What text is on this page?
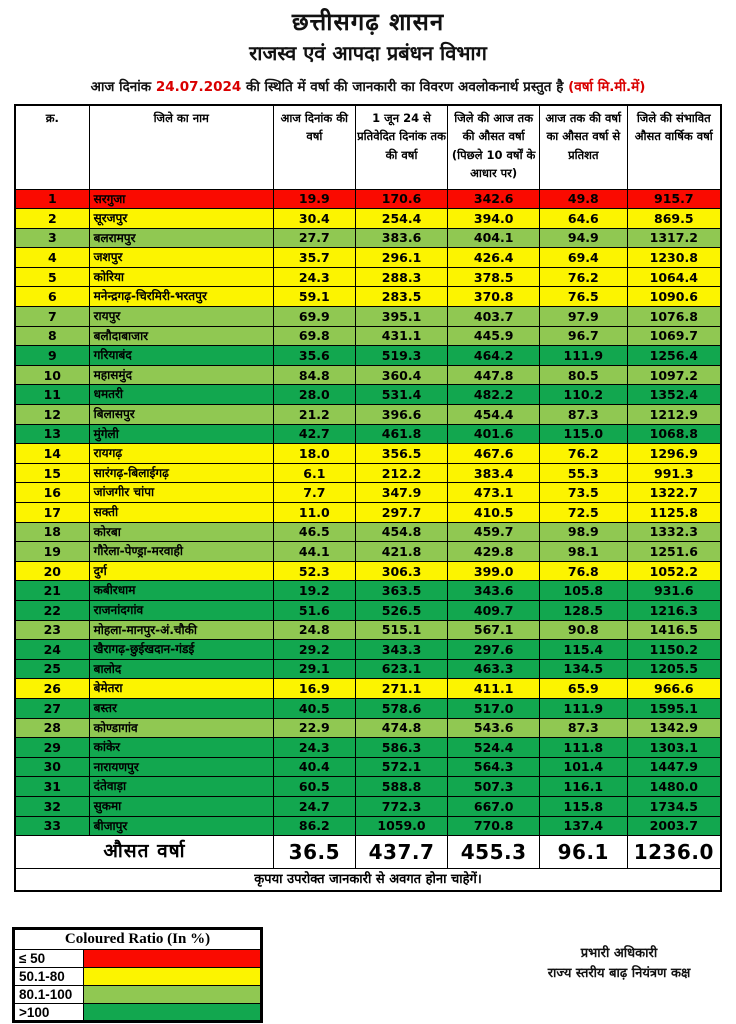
छत्तीसगढ़ शासन
राजस्व एवं आपदा प्रबंधन विभाग
आज दिनांक 24.07.2024 की स्थिति में वर्षा की जानकारी का विवरण अवलोकनार्थ प्रस्तुत है (वर्षा मि.मी.में)
क्र.	जिले का नाम	आज दिनांक की वर्षा	1 जून 24 से प्रतिवेदित दिनांक तक की वर्षा	जिले की आज तक की औसत वर्षा (पिछले 10 वर्षों के आधार पर)	आज तक की वर्षा का औसत वर्षा से प्रतिशत	जिले की संभावित औसत वार्षिक वर्षा
1	सरगुजा	19.9	170.6	342.6	49.8	915.7
2	सूरजपुर	30.4	254.4	394.0	64.6	869.5
3	बलरामपुर	27.7	383.6	404.1	94.9	1317.2
4	जशपुर	35.7	296.1	426.4	69.4	1230.8
5	कोरिया	24.3	288.3	378.5	76.2	1064.4
6	मनेन्द्रगढ़-चिरमिरी-भरतपुर	59.1	283.5	370.8	76.5	1090.6
7	रायपुर	69.9	395.1	403.7	97.9	1076.8
8	बलौदाबाजार	69.8	431.1	445.9	96.7	1069.7
9	गरियाबंद	35.6	519.3	464.2	111.9	1256.4
10	महासमुंद	84.8	360.4	447.8	80.5	1097.2
11	धमतरी	28.0	531.4	482.2	110.2	1352.4
12	बिलासपुर	21.2	396.6	454.4	87.3	1212.9
13	मुंगेली	42.7	461.8	401.6	115.0	1068.8
14	रायगढ़	18.0	356.5	467.6	76.2	1296.9
15	सारंगढ़-बिलाईगढ़	6.1	212.2	383.4	55.3	991.3
16	जांजगीर चांपा	7.7	347.9	473.1	73.5	1322.7
17	सक्ती	11.0	297.7	410.5	72.5	1125.8
18	कोरबा	46.5	454.8	459.7	98.9	1332.3
19	गौरेला-पेण्ड्रा-मरवाही	44.1	421.8	429.8	98.1	1251.6
20	दुर्ग	52.3	306.3	399.0	76.8	1052.2
21	कबीरधाम	19.2	363.5	343.6	105.8	931.6
22	राजनांदगांव	51.6	526.5	409.7	128.5	1216.3
23	मोहला-मानपुर-अं.चौकी	24.8	515.1	567.1	90.8	1416.5
24	खैरागढ़-छुईखदान-गंडई	29.2	343.3	297.6	115.4	1150.2
25	बालोद	29.1	623.1	463.3	134.5	1205.5
26	बेमेतरा	16.9	271.1	411.1	65.9	966.6
27	बस्तर	40.5	578.6	517.0	111.9	1595.1
28	कोण्डागांव	22.9	474.8	543.6	87.3	1342.9
29	कांकेर	24.3	586.3	524.4	111.8	1303.1
30	नारायणपुर	40.4	572.1	564.3	101.4	1447.9
31	दंतेवाड़ा	60.5	588.8	507.3	116.1	1480.0
32	सुकमा	24.7	772.3	667.0	115.8	1734.5
33	बीजापुर	86.2	1059.0	770.8	137.4	2003.7
औसत वर्षा		36.5	437.7	455.3	96.1	1236.0
कृपया उपरोक्त जानकारी से अवगत होना चाहेगें।						
Coloured Ratio (In %)	
≤ 50	
50.1-80	
80.1-100	
>100	
प्रभारी अधिकारी
राज्य स्तरीय बाढ़ नियंत्रण कक्ष
